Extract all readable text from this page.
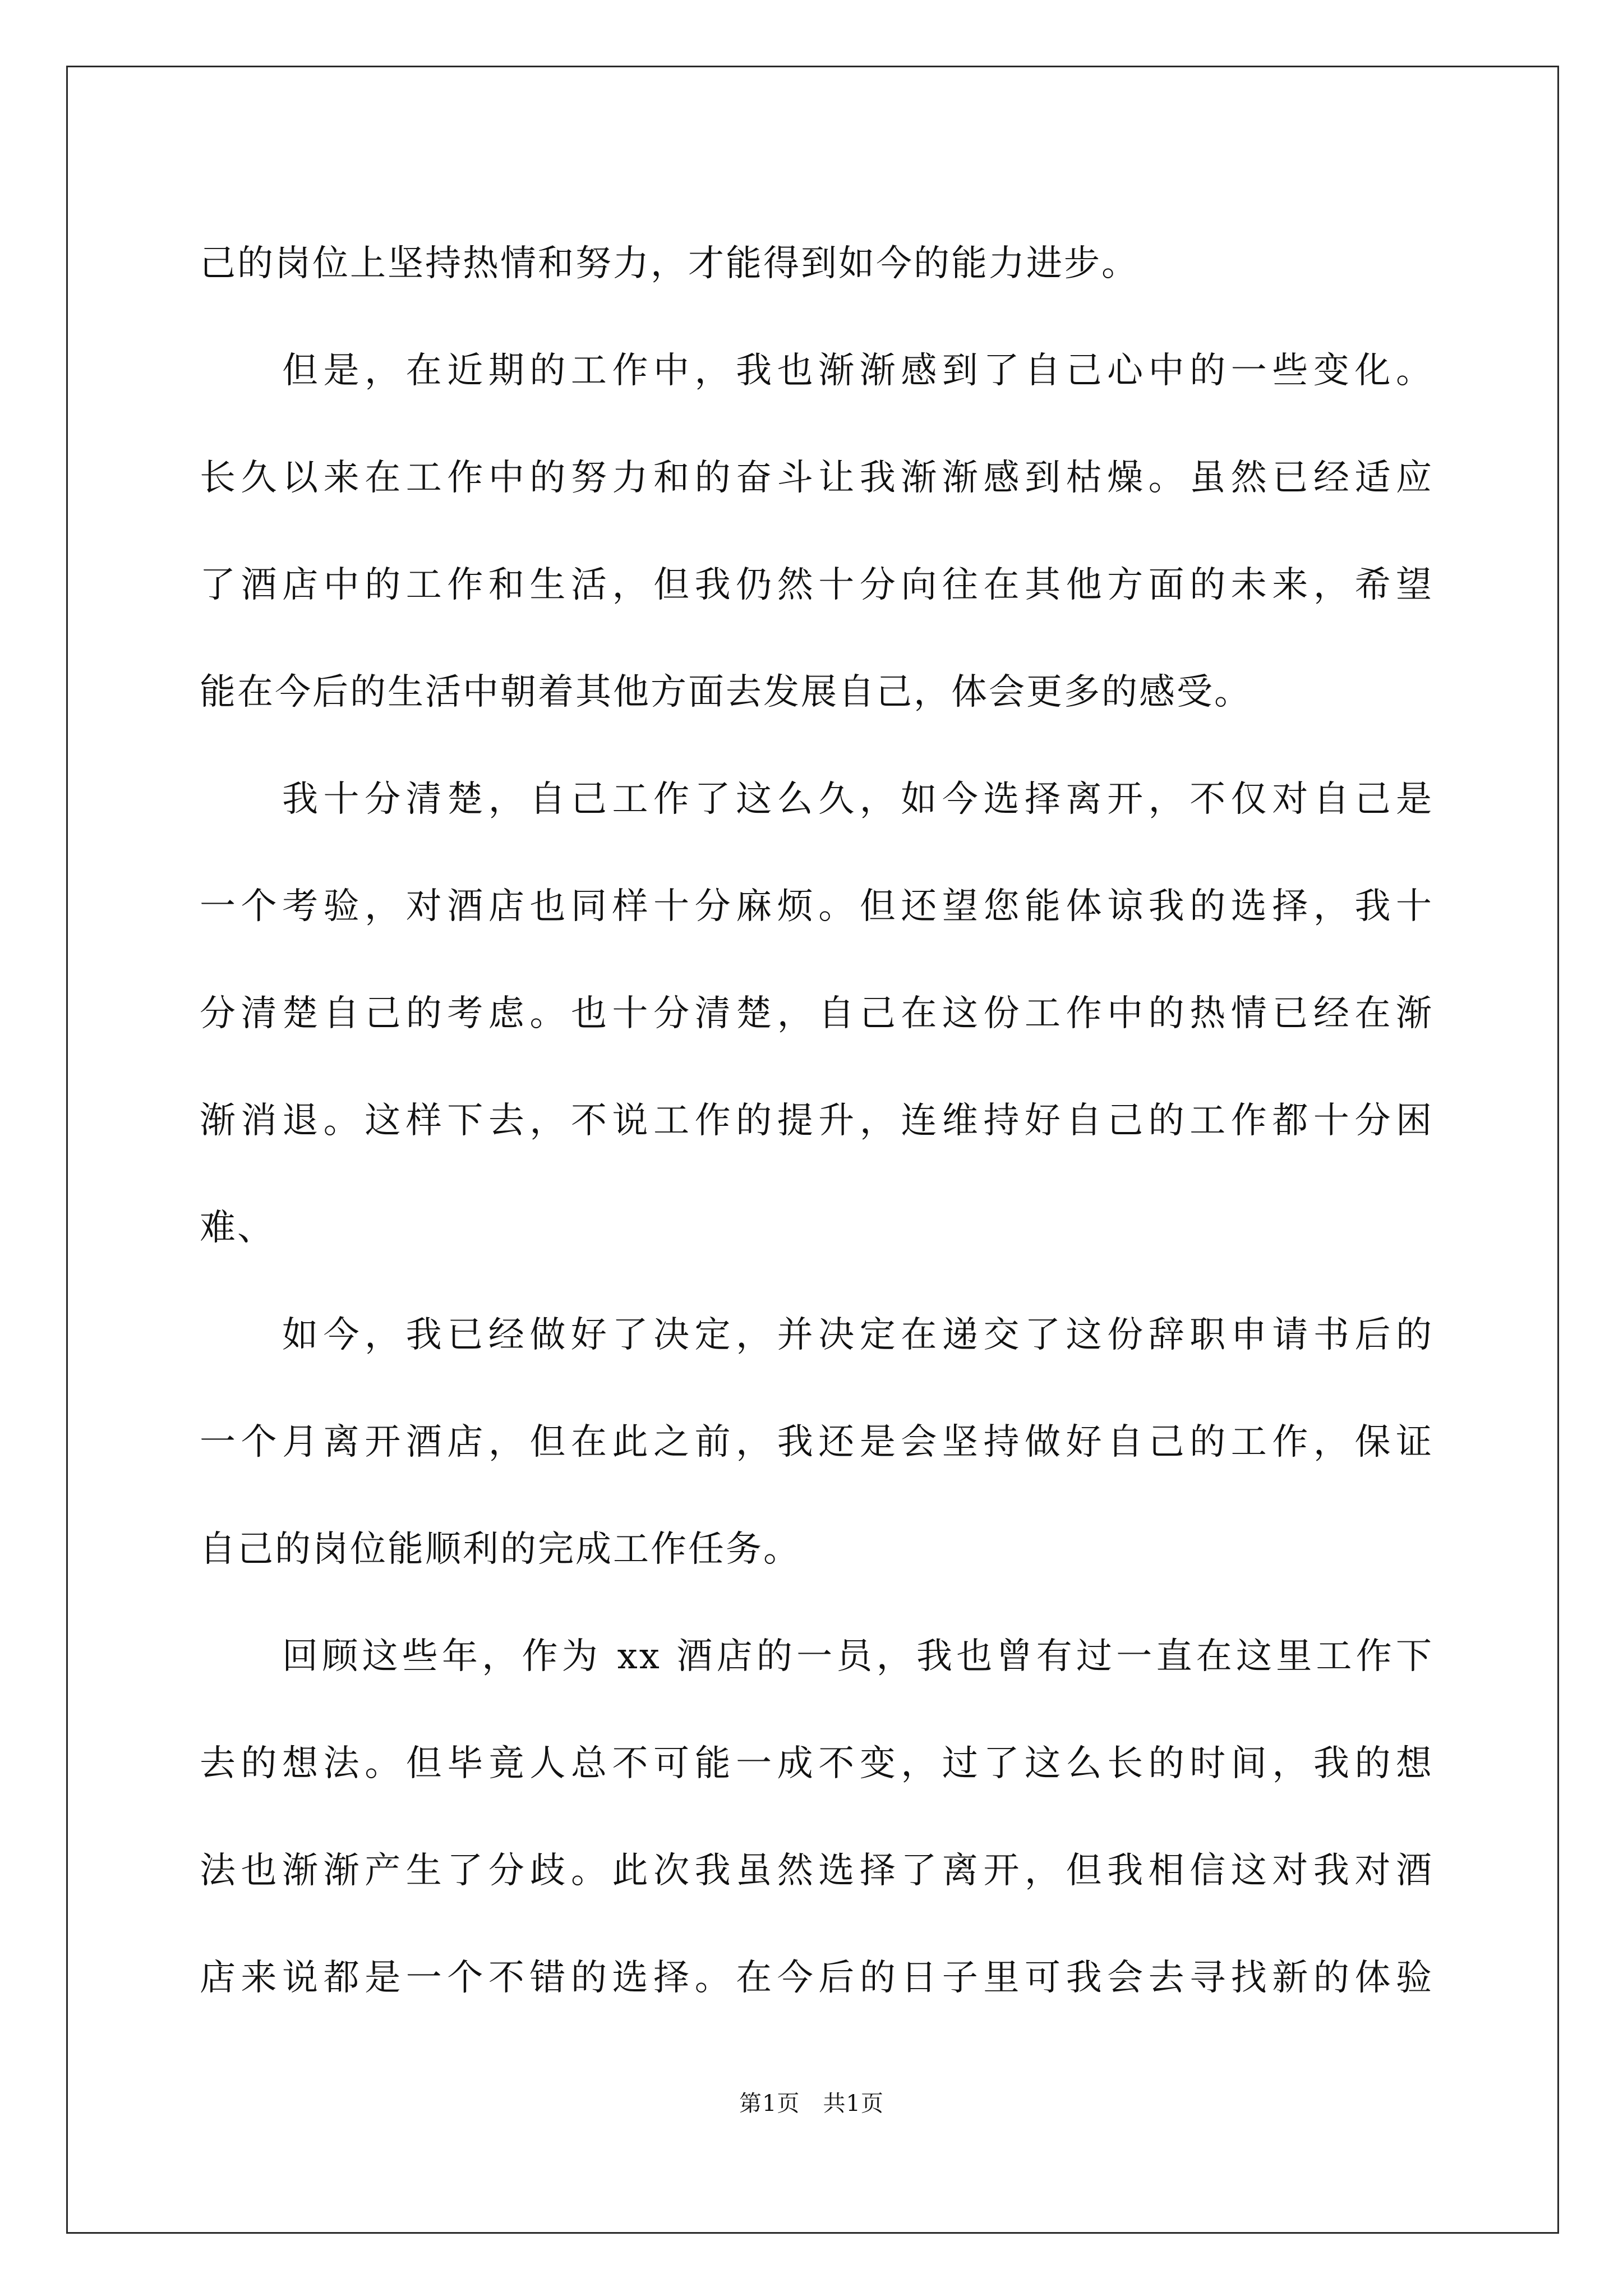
己的岗位上坚持热情和努力，才能得到如今的能力进步。
但是，在近期的工作中，我也渐渐感到了自己心中的一些变化。
长久以来在工作中的努力和的奋斗让我渐渐感到枯燥。虽然已经适应
了酒店中的工作和生活，但我仍然十分向往在其他方面的未来，希望
能在今后的生活中朝着其他方面去发展自己，体会更多的感受。
我十分清楚，自己工作了这么久，如今选择离开，不仅对自己是
一个考验，对酒店也同样十分麻烦。但还望您能体谅我的选择，我十
分清楚自己的考虑。也十分清楚，自己在这份工作中的热情已经在渐
渐消退。这样下去，不说工作的提升，连维持好自己的工作都十分困
难、
如今，我已经做好了决定，并决定在递交了这份辞职申请书后的
一个月离开酒店，但在此之前，我还是会坚持做好自己的工作，保证
自己的岗位能顺利的完成工作任务。
回顾这些年，作为 xx 酒店的一员，我也曾有过一直在这里工作下
去的想法。但毕竟人总不可能一成不变，过了这么长的时间，我的想
法也渐渐产生了分歧。此次我虽然选择了离开，但我相信这对我对酒
店来说都是一个不错的选择。在今后的日子里可我会去寻找新的体验
第1页   共1页
